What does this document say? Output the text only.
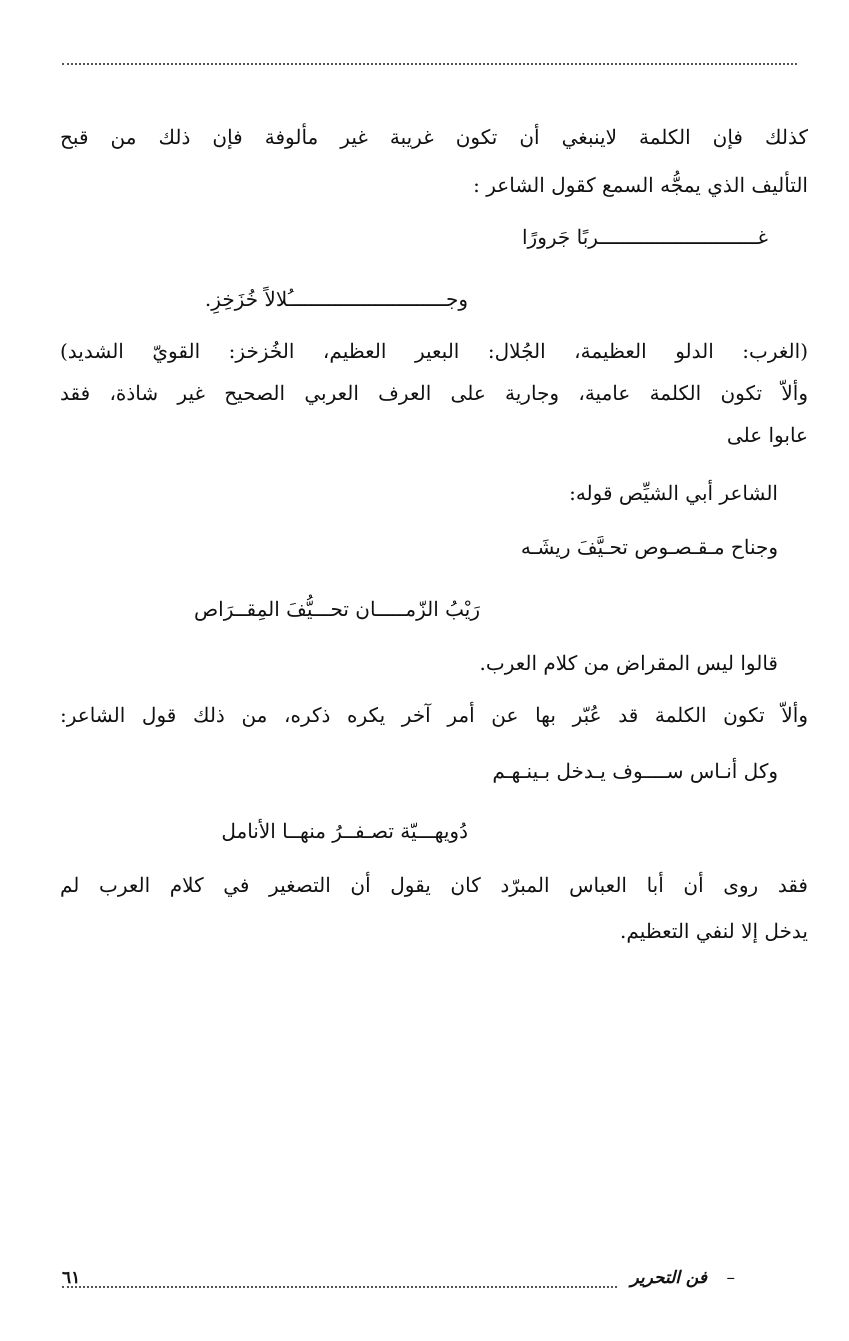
كذلك فإن الكلمة لاينبغي أن تكون غريبة غير مألوفة فإن ذلك من قبح
التأليف الذي يمجُّه السمع كقول الشاعر :
غـــــــــــــــــــــــــــربًا جَرورًا
وجـــــــــــــــــــــــــــُلالاً خُزَخِزِ.
(الغرب: الدلو العظيمة، الجُلال: البعير العظيم، الخُزخز: القويّ الشديد)
وألاّ تكون الكلمة عامية، وجارية على العرف العربي الصحيح غير شاذة، فقد
عابوا على
الشاعر أبي الشيِّص قوله:
وجناح مـقـصـوص تحـيَّفَ ريشَـه
رَيْبُ الزّمـــــان تحـــيُّفَ المِقــرَاص
قالوا ليس المقراض من كلام العرب.
وألاّ تكون الكلمة قد عُبّر بها عن أمر آخر يكره ذكره، من ذلك قول الشاعر:
وكل أنـاس ســــوف يـدخل بـينـهـم
دُويهـــيّة تصـفــرُ منهــا الأنامل
فقد روى أن أبا العباس المبرّد كان يقول أن التصغير في كلام العرب لم
يدخل إلا لنفي التعظيم.
فن التحرير –
٦١
